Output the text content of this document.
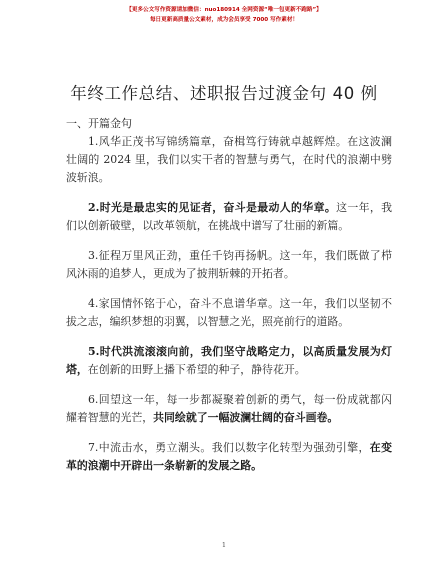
【更多公文写作资源请加微信：nuo180914 全网资源“唯一包更新不跑路”】
每日更新高质量公文素材，成为会员享受 7000 写作素材！
年终工作总结、述职报告过渡金句 40 例
一、开篇金句

1.风华正茂书写锦绣篇章，奋楫笃行铸就卓越辉煌。在这波澜壮阔的 2024 里，我们以实干者的智慧与勇气，在时代的浪潮中劈波斩浪。

2.时光是最忠实的见证者，奋斗是最动人的华章。这一年，我们以创新破壁，以改革领航，在挑战中谱写了壮丽的新篇。

3.征程万里风正劲，重任千钧再扬帆。这一年，我们既做了栉风沐雨的追梦人，更成为了披荆斩棘的开拓者。

4.家国情怀铭于心，奋斗不息谱华章。这一年，我们以坚韧不拔之志，编织梦想的羽翼，以智慧之光，照亮前行的道路。

5.时代洪流滚滚向前，我们坚守战略定力，以高质量发展为灯塔，在创新的田野上播下希望的种子，静待花开。

6.回望这一年，每一步都凝聚着创新的勇气，每一份成就都闪耀着智慧的光芒，共同绘就了一幅波澜壮阔的奋斗画卷。

7.中流击水，勇立潮头。我们以数字化转型为强劲引擎，在变革的浪潮中开辟出一条崭新的发展之路。

1
